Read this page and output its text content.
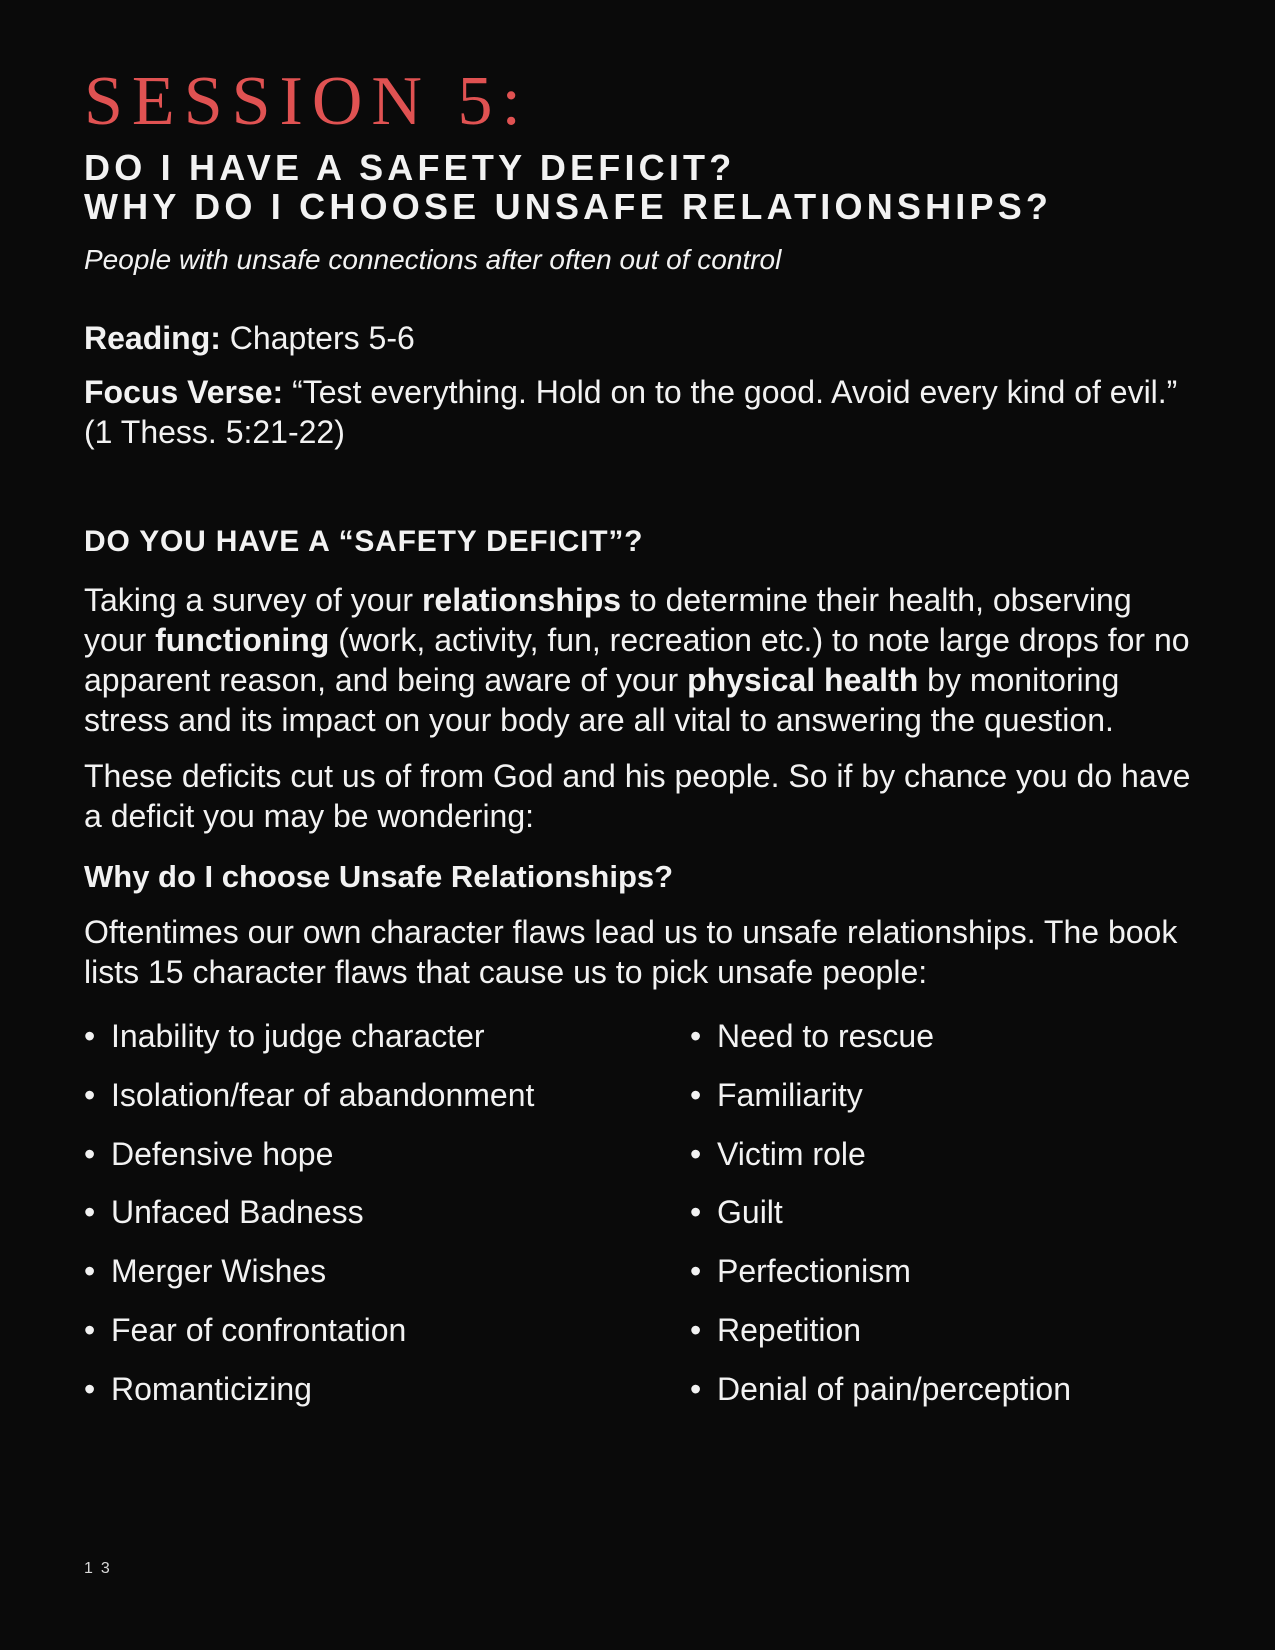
SESSION 5:
DO I HAVE A SAFETY DEFICIT?
WHY DO I CHOOSE UNSAFE RELATIONSHIPS?
People with unsafe connections after often out of control
Reading: Chapters 5-6
Focus Verse: “Test everything. Hold on to the good. Avoid every kind of evil.” (1 Thess. 5:21-22)
DO YOU HAVE A “SAFETY DEFICIT”?

Taking a survey of your relationships to determine their health, observing your functioning (work, activity, fun, recreation etc.) to note large drops for no apparent reason, and being aware of your physical health by monitoring stress and its impact on your body are all vital to answering the question.

These deficits cut us of from God and his people. So if by chance you do have a deficit you may be wondering:

Why do I choose Unsafe Relationships?

Oftentimes our own character flaws lead us to unsafe relationships. The book lists 15 character flaws that cause us to pick unsafe people:

• Inability to judge character
• Isolation/fear of abandonment
• Defensive hope
• Unfaced Badness
• Merger Wishes
• Fear of confrontation
• Romanticizing
• Need to rescue
• Familiarity
• Victim role
• Guilt
• Perfectionism
• Repetition
• Denial of pain/perception
13
